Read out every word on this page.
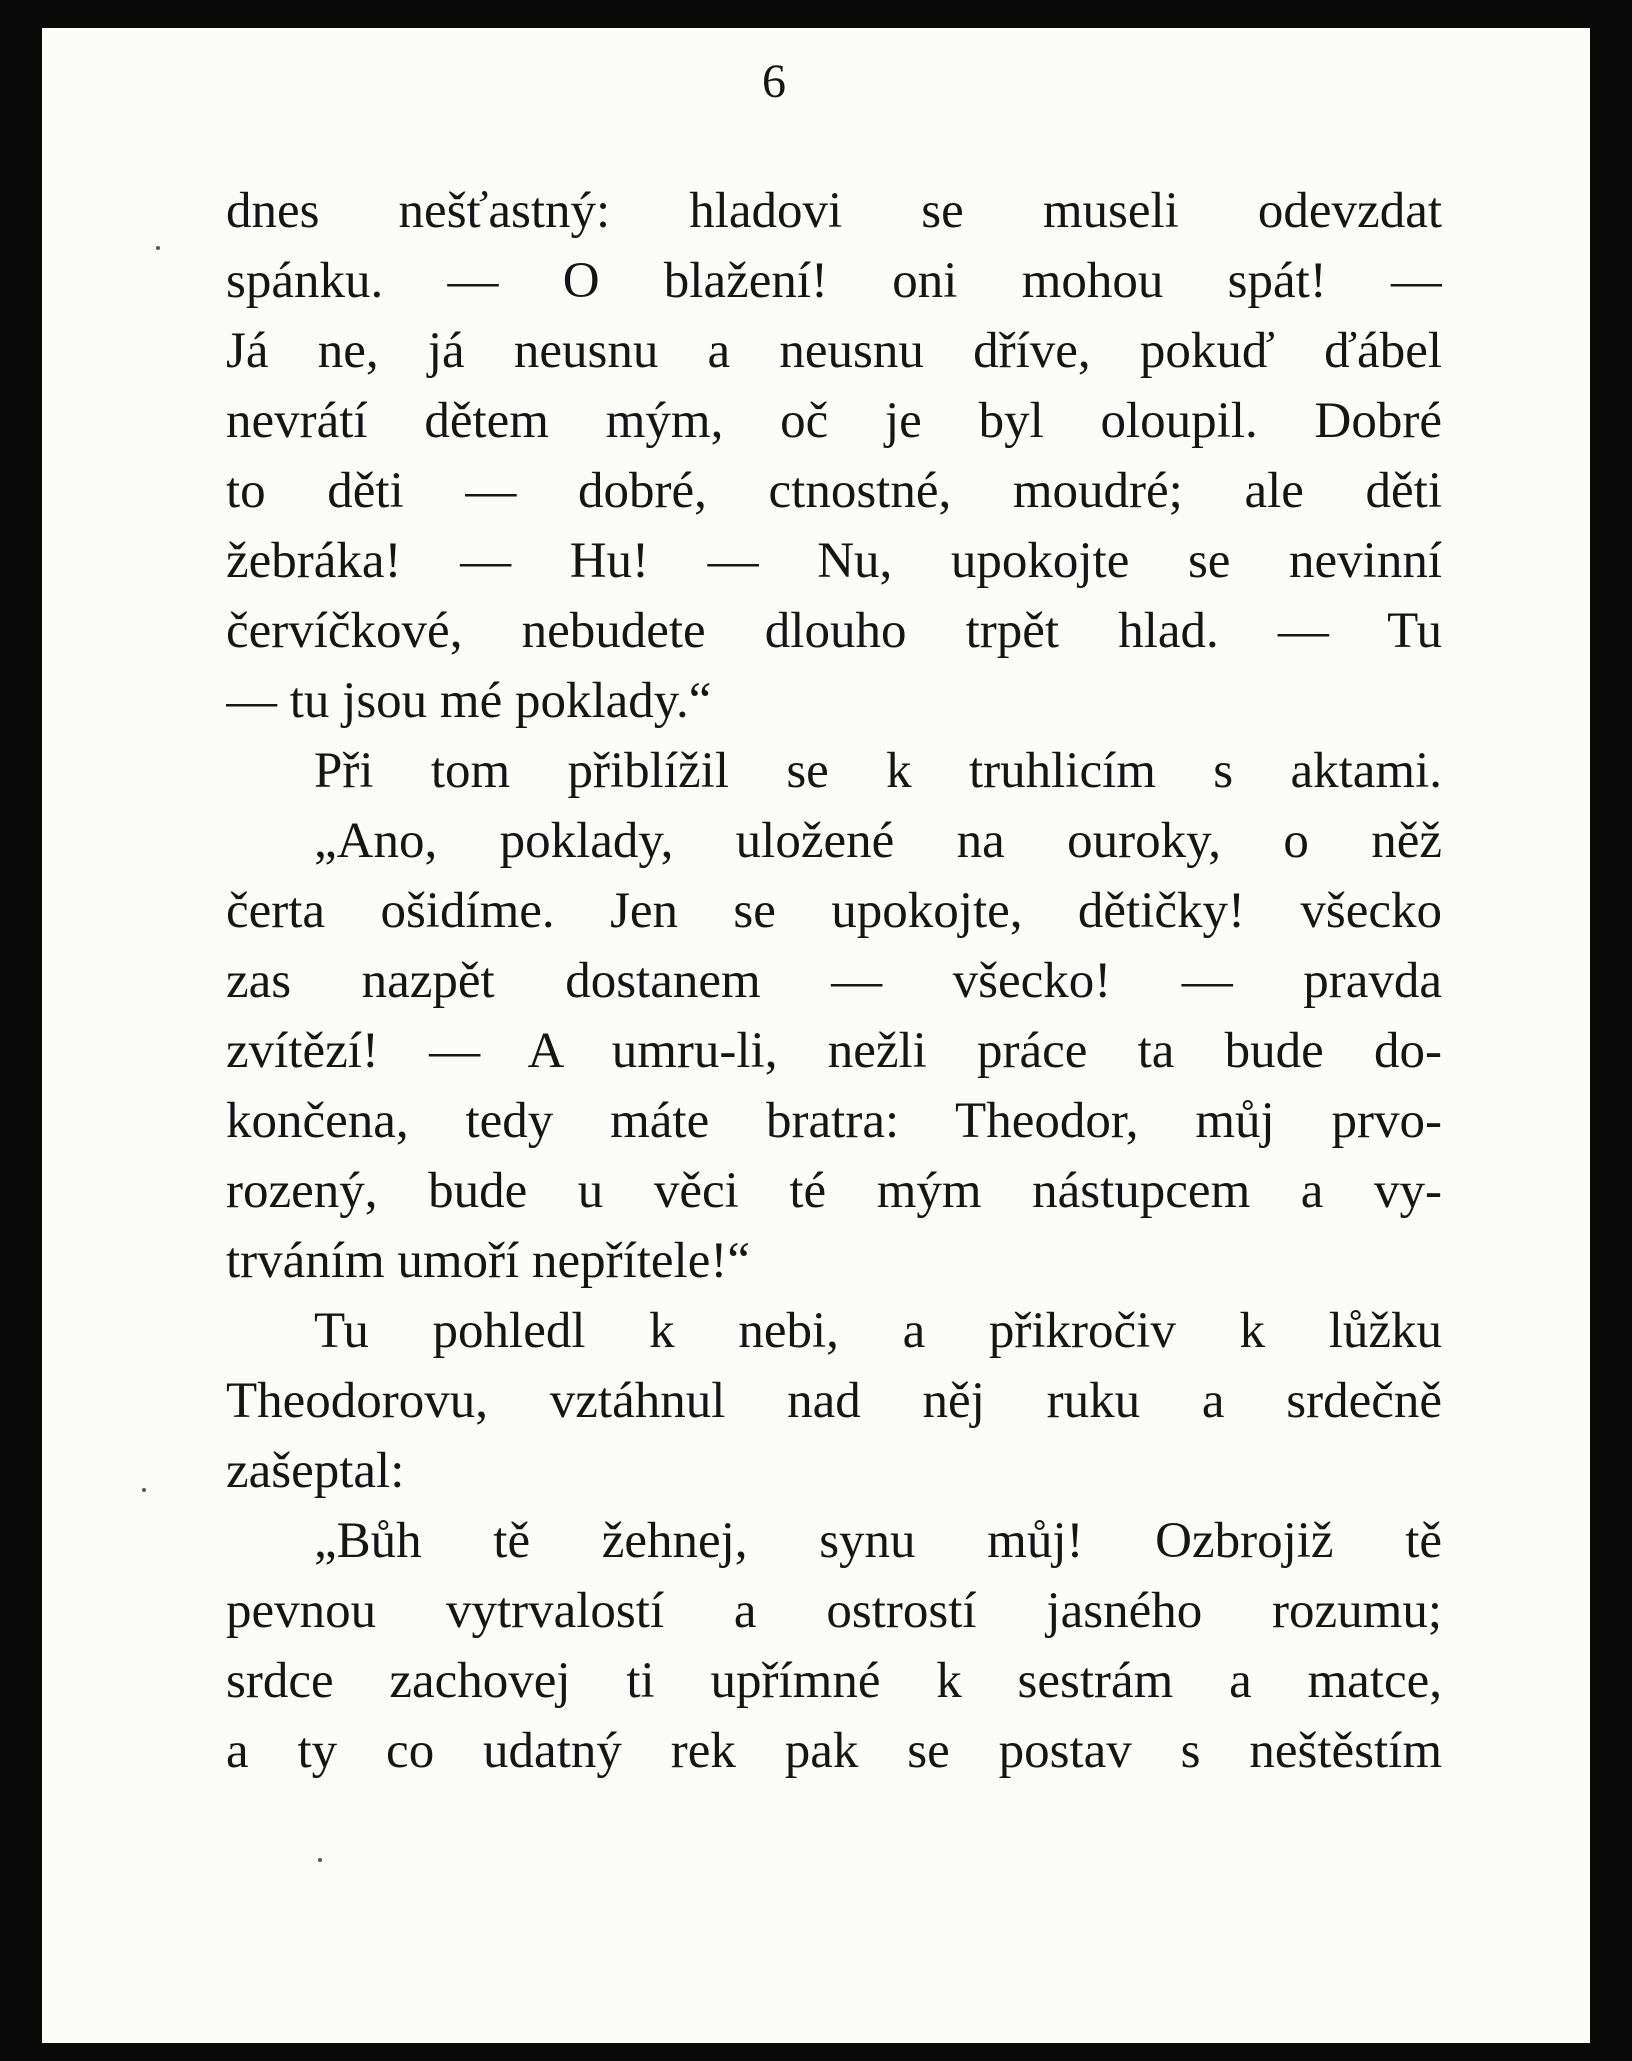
6
dnes nešťastný: hladovi se museli odevzdat
spánku. — O blažení! oni mohou spát! —
Já ne, já neusnu a neusnu dříve, pokuď ďábel
nevrátí dětem mým, oč je byl oloupil. Dobré
to děti — dobré, ctnostné, moudré; ale děti
žebráka! — Hu! — Nu, upokojte se nevinní
červíčkové, nebudete dlouho trpět hlad. — Tu
— tu jsou mé poklady.“
Při tom přiblížil se k truhlicím s aktami.
„Ano, poklady, uložené na ouroky, o něž
čerta ošidíme. Jen se upokojte, dětičky! všecko
zas nazpět dostanem — všecko! — pravda
zvítězí! — A umru-li, nežli práce ta bude do-
končena, tedy máte bratra: Theodor, můj prvo-
rozený, bude u věci té mým nástupcem a vy-
trváním umoří nepřítele!“
Tu pohledl k nebi, a přikročiv k lůžku
Theodorovu, vztáhnul nad něj ruku a srdečně
zašeptal:
„Bůh tě žehnej, synu můj! Ozbrojiž tě
pevnou vytrvalostí a ostrostí jasného rozumu;
srdce zachovej ti upřímné k sestrám a matce,
a ty co udatný rek pak se postav s neštěstím
